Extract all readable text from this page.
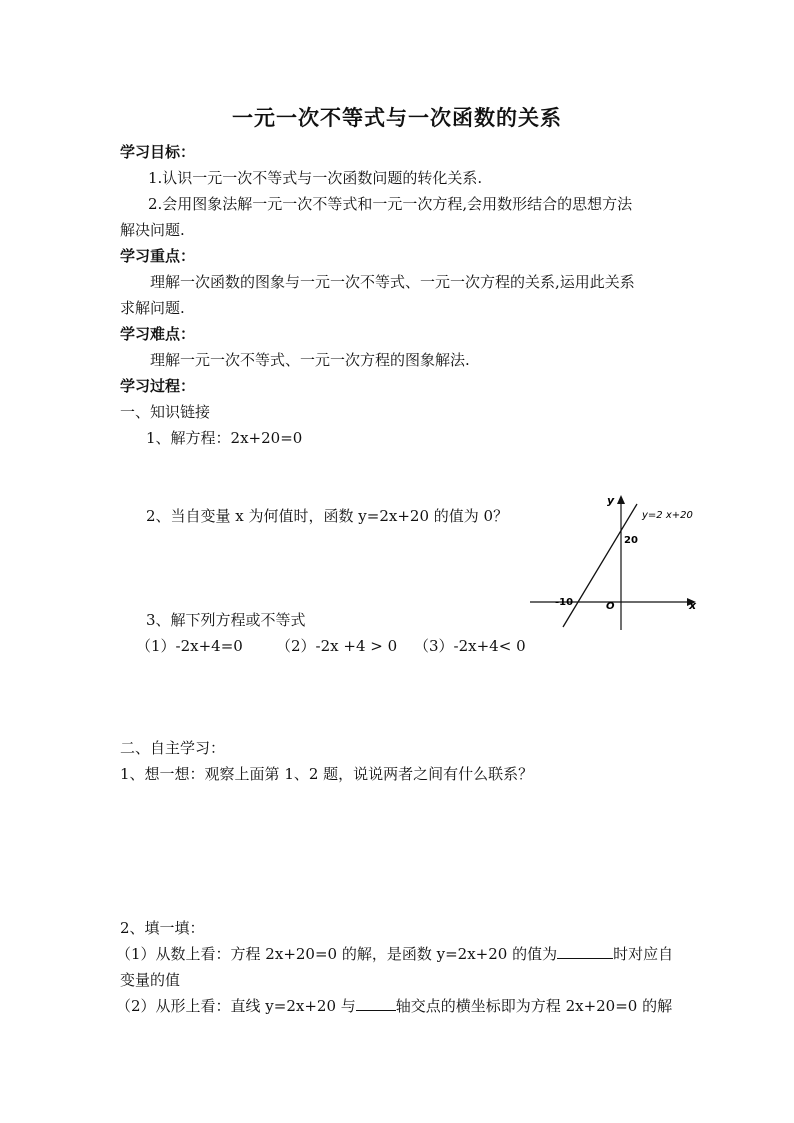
一元一次不等式与一次函数的关系
学习目标：
1.认识一元一次不等式与一次函数问题的转化关系.
2.会用图象法解一元一次不等式和一元一次方程,会用数形结合的思想方法
解决问题.
学习重点：
理解一次函数的图象与一元一次不等式、一元一次方程的关系,运用此关系
求解问题.
学习难点：
理解一元一次不等式、一元一次方程的图象解法.
学习过程：
一、知识链接
1、解方程：2x+20=0
2、当自变量 x 为何值时，函数 y=2x+20 的值为 0？
3、解下列方程或不等式
（1）-2x+4=0 （2）-2x +4 > 0 （3）-2x+4< 0
二、自主学习：
1、想一想：观察上面第 1、2 题，说说两者之间有什么联系？
2、填一填：
（1）从数上看：方程 2x+20=0 的解，是函数 y=2x+20 的值为	时对应自
变量的值
（2）从形上看：直线 y=2x+20 与	轴交点的横坐标即为方程 2x+20=0 的解
y
x
y=2 x+20
20
-10	O
